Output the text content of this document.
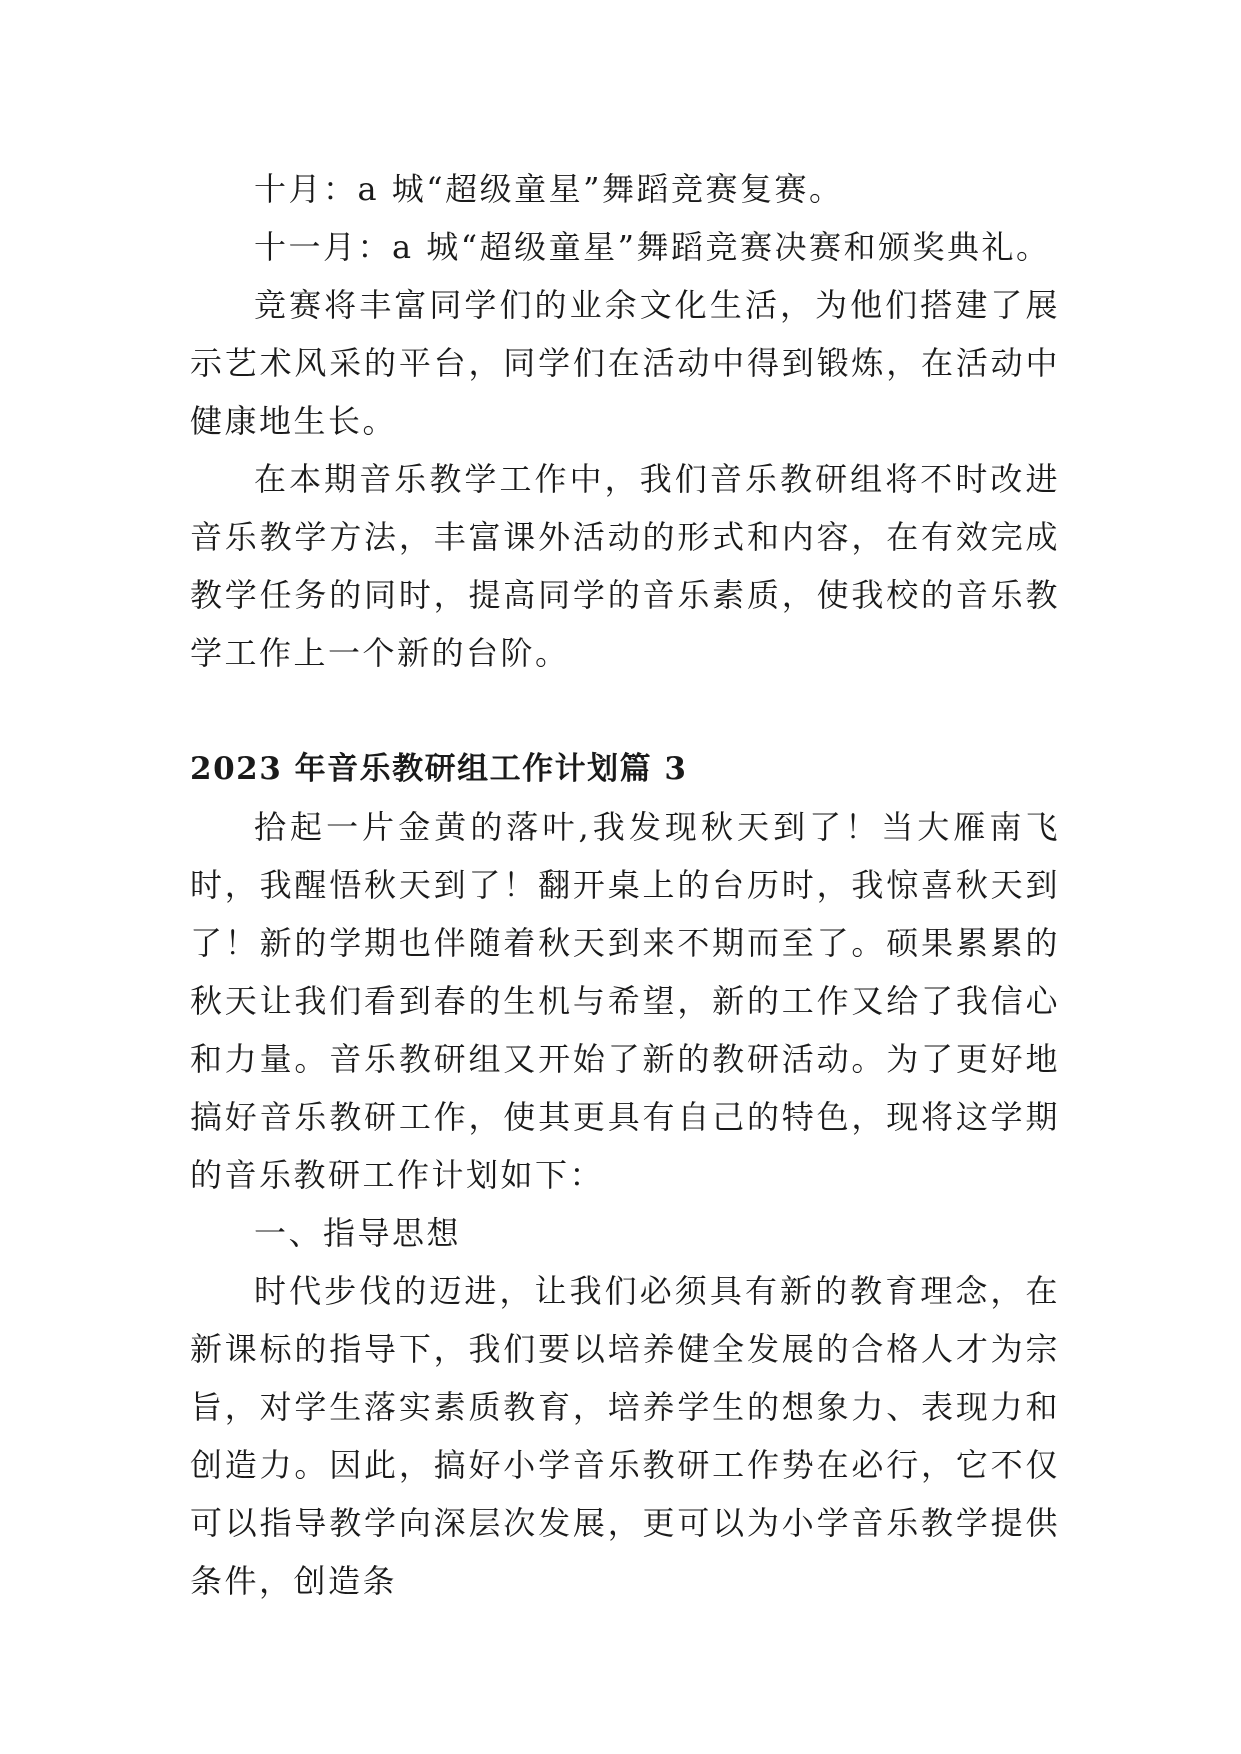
十月：a 城“超级童星”舞蹈竞赛复赛。

十一月：a 城“超级童星”舞蹈竞赛决赛和颁奖典礼。

竞赛将丰富同学们的业余文化生活，为他们搭建了展示艺术风采的平台，同学们在活动中得到锻炼，在活动中健康地生长。

在本期音乐教学工作中，我们音乐教研组将不时改进音乐教学方法，丰富课外活动的形式和内容，在有效完成教学任务的同时，提高同学的音乐素质，使我校的音乐教学工作上一个新的台阶。

2023 年音乐教研组工作计划篇 3

拾起一片金黄的落叶,我发现秋天到了！当大雁南飞时，我醒悟秋天到了！翻开桌上的台历时，我惊喜秋天到了！新的学期也伴随着秋天到来不期而至了。硕果累累的秋天让我们看到春的生机与希望，新的工作又给了我信心和力量。音乐教研组又开始了新的教研活动。为了更好地搞好音乐教研工作，使其更具有自己的特色，现将这学期的音乐教研工作计划如下：

一、指导思想

时代步伐的迈进，让我们必须具有新的教育理念，在新课标的指导下，我们要以培养健全发展的合格人才为宗旨，对学生落实素质教育，培养学生的想象力、表现力和创造力。因此，搞好小学音乐教研工作势在必行，它不仅可以指导教学向深层次发展，更可以为小学音乐教学提供条件，创造条
